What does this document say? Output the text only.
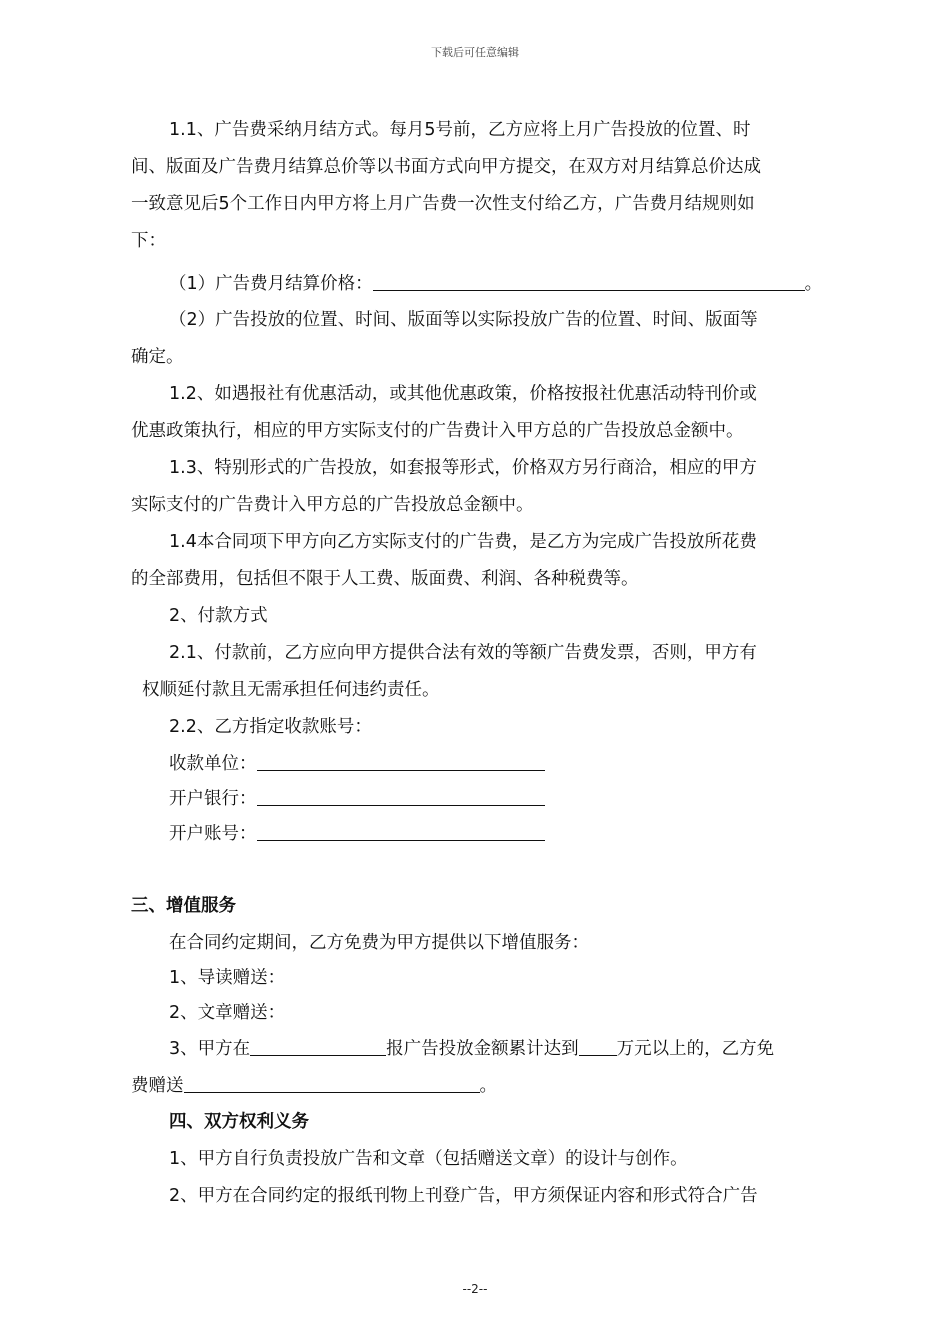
下载后可任意编辑
1.1、广告费采纳月结方式。每月5号前，乙方应将上月广告投放的位置、时
间、版面及广告费月结算总价等以书面方式向甲方提交，在双方对月结算总价达成
一致意见后5个工作日内甲方将上月广告费一次性支付给乙方，广告费月结规则如
下：
（1）广告费月结算价格：	。
（2）广告投放的位置、时间、版面等以实际投放广告的位置、时间、版面等
确定。
1.2、如遇报社有优惠活动，或其他优惠政策，价格按报社优惠活动特刊价或
优惠政策执行，相应的甲方实际支付的广告费计入甲方总的广告投放总金额中。
1.3、特别形式的广告投放，如套报等形式，价格双方另行商洽，相应的甲方
实际支付的广告费计入甲方总的广告投放总金额中。
1.4本合同项下甲方向乙方实际支付的广告费，是乙方为完成广告投放所花费
的全部费用，包括但不限于人工费、版面费、利润、各种税费等。
2、付款方式
2.1、付款前，乙方应向甲方提供合法有效的等额广告费发票，否则，甲方有
权顺延付款且无需承担任何违约责任。
2.2、乙方指定收款账号：
收款单位：
开户银行：
开户账号：
三、增值服务
在合同约定期间，乙方免费为甲方提供以下增值服务：
1、导读赠送：
2、文章赠送：
3、甲方在	报广告投放金额累计达到 万元以上的，乙方免
费赠送	。
四、双方权利义务
1、甲方自行负责投放广告和文章（包括赠送文章）的设计与创作。
2、甲方在合同约定的报纸刊物上刊登广告，甲方须保证内容和形式符合广告
--2--
